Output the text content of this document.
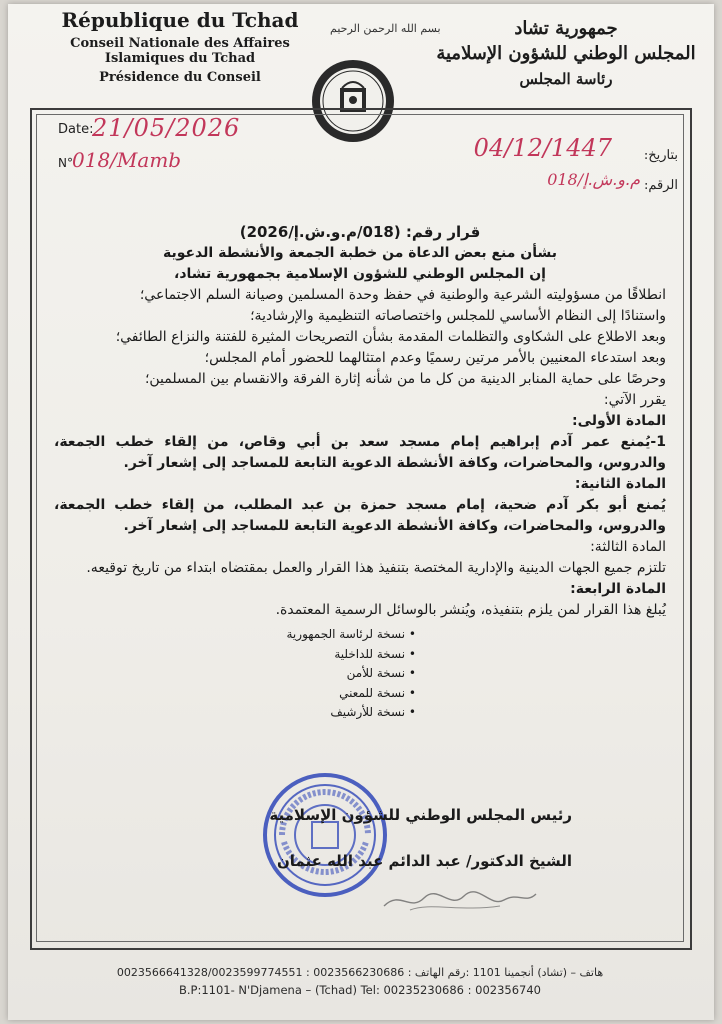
République du Tchad
Conseil Nationale des Affaires Islamiques du Tchad
Présidence du Conseil
بسم الله الرحمن الرحيم	جمهورية تشاد
المجلس الوطني للشؤون الإسلامية
رئاسة المجلس
Date:
21/05/2026
N° 018/Mamb	بتاريخ:
04/12/1447
الرقم:
م.و.ش.إ/018

قرار رقم: (018/م.و.ش.إ/2026)

بشأن منع بعض الدعاة من خطبة الجمعة والأنشطة الدعوية

إن المجلس الوطني للشؤون الإسلامية بجمهورية تشاد،

انطلاقًا من مسؤوليته الشرعية والوطنية في حفظ وحدة المسلمين وصيانة السلم الاجتماعي؛

واستنادًا إلى النظام الأساسي للمجلس واختصاصاته التنظيمية والإرشادية؛

وبعد الاطلاع على الشكاوى والتظلمات المقدمة بشأن التصريحات المثيرة للفتنة والنزاع الطائفي؛

وبعد استدعاء المعنيين بالأمر مرتين رسميًا وعدم امتثالهما للحضور أمام المجلس؛

وحرصًا على حماية المنابر الدينية من كل ما من شأنه إثارة الفرقة والانقسام بين المسلمين؛

يقرر الآتي:

المادة الأولى:

1-يُمنع عمر آدم إبراهيم إمام مسجد سعد بن أبي وقاص، من إلقاء خطب الجمعة، والدروس، والمحاضرات، وكافة الأنشطة الدعوية التابعة للمساجد إلى إشعار آخر.

المادة الثانية:

يُمنع أبو بكر آدم ضحية، إمام مسجد حمزة بن عبد المطلب، من إلقاء خطب الجمعة، والدروس، والمحاضرات، وكافة الأنشطة الدعوية التابعة للمساجد إلى إشعار آخر.

المادة الثالثة:

تلتزم جميع الجهات الدينية والإدارية المختصة بتنفيذ هذا القرار والعمل بمقتضاه ابتداء من تاريخ توقيعه.

المادة الرابعة:

يُبلغ هذا القرار لمن يلزم بتنفيذه، ويُنشر بالوسائل الرسمية المعتمدة.

• نسخة لرئاسة الجمهورية
• نسخة للداخلية
• نسخة للأمن
• نسخة للمعني
• نسخة للأرشيف
رئيس المجلس الوطني للشؤون الإسلامية
الشيخ الدكتور/ عبد الدائم عبد الله عثمان
0023566641328/0023599774551 : 0023566230686 : هاتف – (تشاد) أنجمينا 1101 :رقم الهاتف
B.P:1101- N'Djamena – (Tchad) Tel: 00235230686 : 002356740
